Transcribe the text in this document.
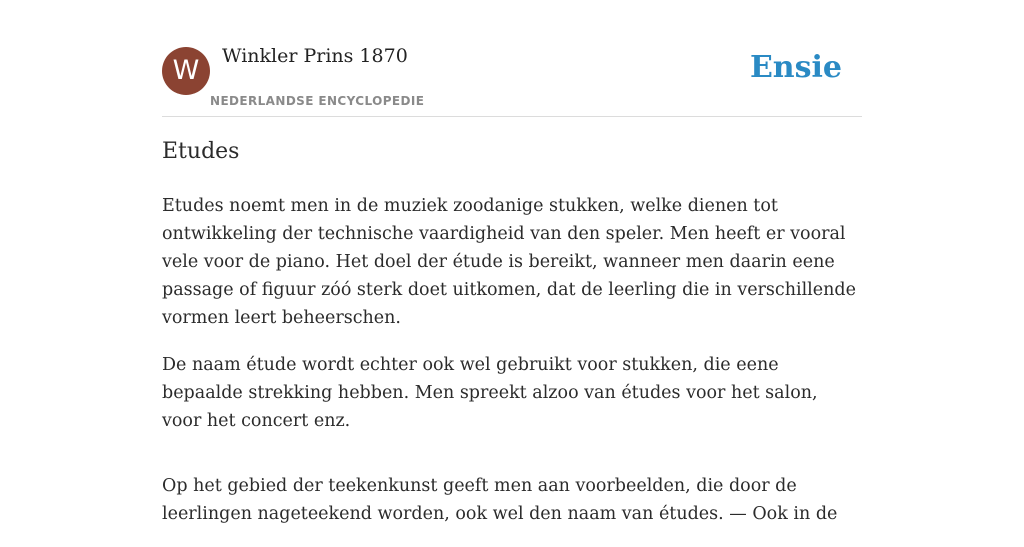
W	Winkler Prins 1870
NEDERLANDSE ENCYCLOPEDIE
Ensie
Etudes

Etudes noemt men in de muziek zoodanige stukken, welke dienen tot ontwikkeling der technische vaardigheid van den speler. Men heeft er vooral vele voor de piano. Het doel der étude is bereikt, wanneer men daarin eene passage of figuur zóó sterk doet uitkomen, dat de leerling die in verschillende vormen leert beheerschen.

De naam étude wordt echter ook wel gebruikt voor stukken, die eene bepaalde strekking hebben. Men spreekt alzoo van études voor het salon, voor het concert enz.

Op het gebied der teekenkunst geeft men aan voorbeelden, die door de leerlingen nageteekend worden, ook wel den naam van études. — Ook in de
